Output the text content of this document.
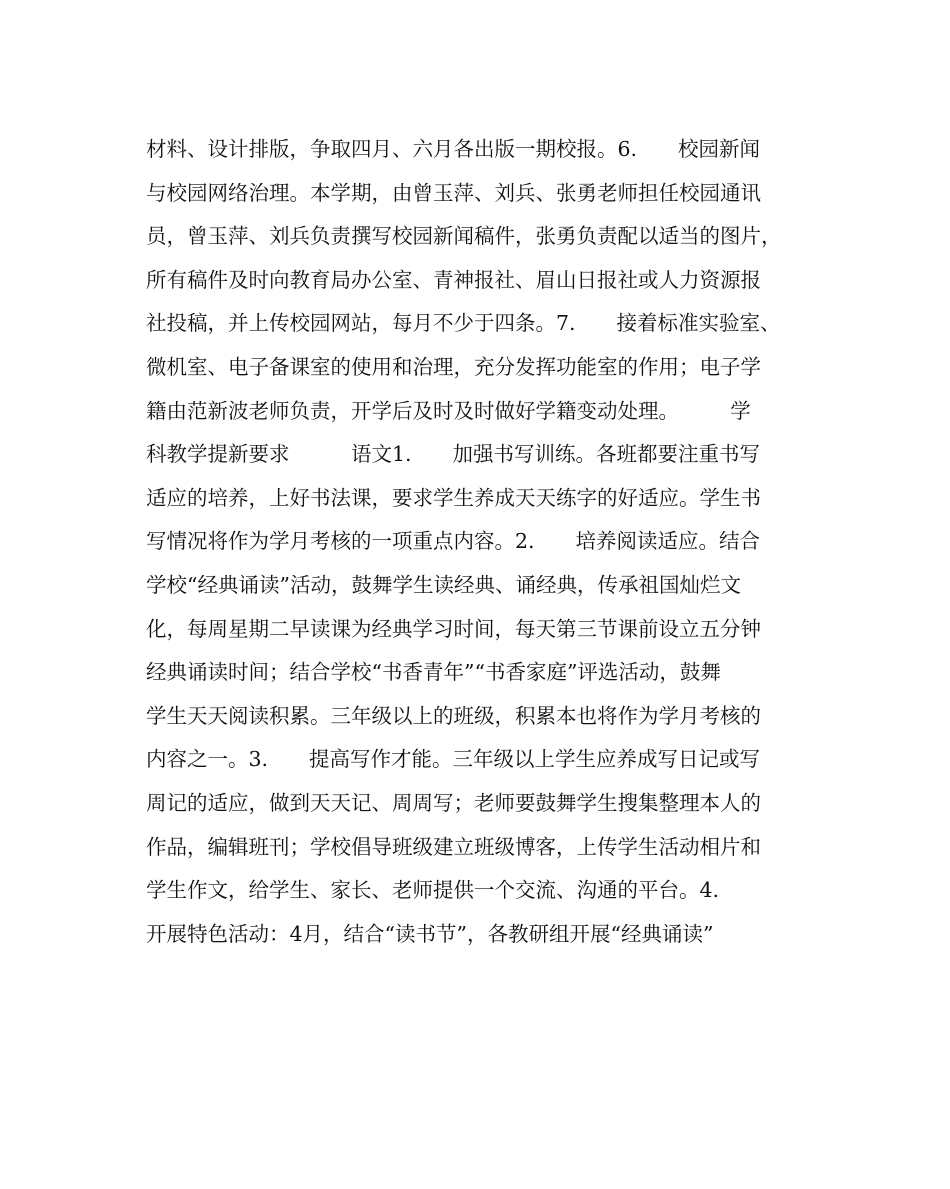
材料、设计排版，争取四月、六月各出版一期校报。6.　　校园新闻
与校园网络治理。本学期，由曾玉萍、刘兵、张勇老师担任校园通讯
员，曾玉萍、刘兵负责撰写校园新闻稿件，张勇负责配以适当的图片，
所有稿件及时向教育局办公室、青神报社、眉山日报社或人力资源报
社投稿，并上传校园网站，每月不少于四条。7.　　接着标准实验室、
微机室、电子备课室的使用和治理，充分发挥功能室的作用；电子学
籍由范新波老师负责，开学后及时及时做好学籍变动处理。　　　学
科教学提新要求　　　语文1.　　加强书写训练。各班都要注重书写
适应的培养，上好书法课，要求学生养成天天练字的好适应。学生书
写情况将作为学月考核的一项重点内容。2.　　培养阅读适应。结合
学校“经典诵读”活动，鼓舞学生读经典、诵经典，传承祖国灿烂文
化，每周星期二早读课为经典学习时间，每天第三节课前设立五分钟
经典诵读时间；结合学校“书香青年”“书香家庭”评选活动，鼓舞
学生天天阅读积累。三年级以上的班级，积累本也将作为学月考核的
内容之一。3.　　提高写作才能。三年级以上学生应养成写日记或写
周记的适应，做到天天记、周周写；老师要鼓舞学生搜集整理本人的
作品，编辑班刊；学校倡导班级建立班级博客，上传学生活动相片和
学生作文，给学生、家长、老师提供一个交流、沟通的平台。4.
开展特色活动：4月，结合“读书节”，各教研组开展“经典诵读”
